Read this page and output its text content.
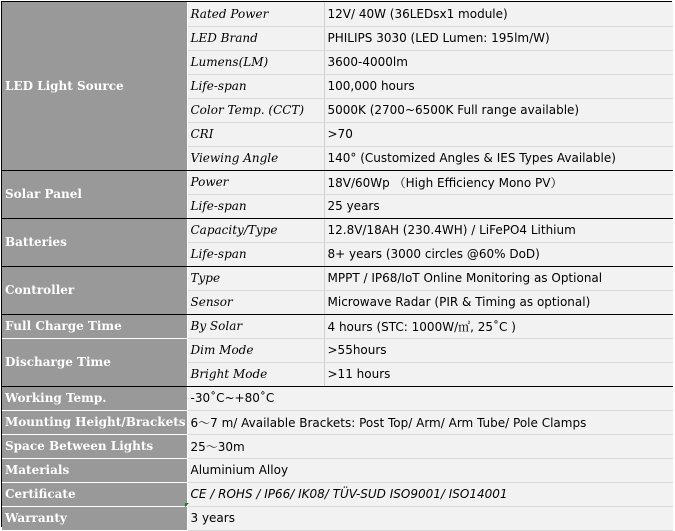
LED Light Source	Rated Power	12V/ 40W (36LEDsx1 module)
	LED Brand	PHILIPS 3030 (LED Lumen: 195lm/W)
	Lumens(LM)	3600-4000lm
	Life-span	100,000 hours
	Color Temp. (CCT)	5000K (2700~6500K Full range available)
	CRI	>70
	Viewing Angle	140° (Customized Angles & IES Types Available)
Solar Panel	Power	18V/60Wp （High Efficiency Mono PV）
	Life-span	25 years
Batteries	Capacity/Type	12.8V/18AH (230.4WH) / LiFePO4 Lithium
	Life-span	8+ years (3000 circles @60% DoD)
Controller	Type	MPPT / IP68/IoT Online Monitoring as Optional
	Sensor	Microwave Radar (PIR & Timing as optional)
Full Charge Time	By Solar	4 hours (STC: 1000W/㎡, 25˚C )
Discharge Time	Dim Mode	>55hours
	Bright Mode	>11 hours
Working Temp.	-30˚C~+80˚C	
Mounting Height/Brackets	6～7 m/ Available Brackets: Post Top/ Arm/ Arm Tube/ Pole Clamps	
Space Between Lights	25～30m	
Materials	Aluminium Alloy	
Certificate	CE / ROHS / IP66/ IK08/ TÜV-SUD ISO9001/ ISO14001	
Warranty	3 years	
